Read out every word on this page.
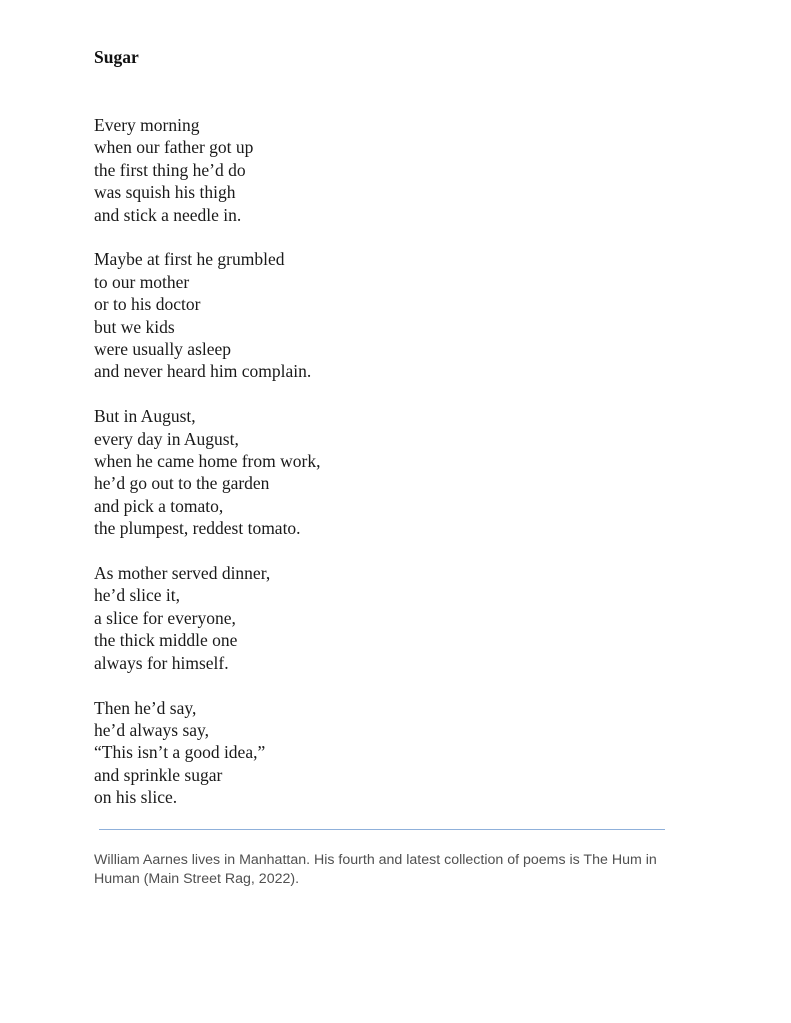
Sugar

Every morning
when our father got up
the first thing he’d do
was squish his thigh
and stick a needle in.

Maybe at first he grumbled
to our mother
or to his doctor
but we kids
were usually asleep
and never heard him complain.

But in August,
every day in August,
when he came home from work,
he’d go out to the garden
and pick a tomato,
the plumpest, reddest tomato.

As mother served dinner,
he’d slice it,
a slice for everyone,
the thick middle one
always for himself.

Then he’d say,
he’d always say,
“This isn’t a good idea,”
and sprinkle sugar
on his slice.

William Aarnes lives in Manhattan. His fourth and latest collection of poems is The Hum in Human (Main Street Rag, 2022).
